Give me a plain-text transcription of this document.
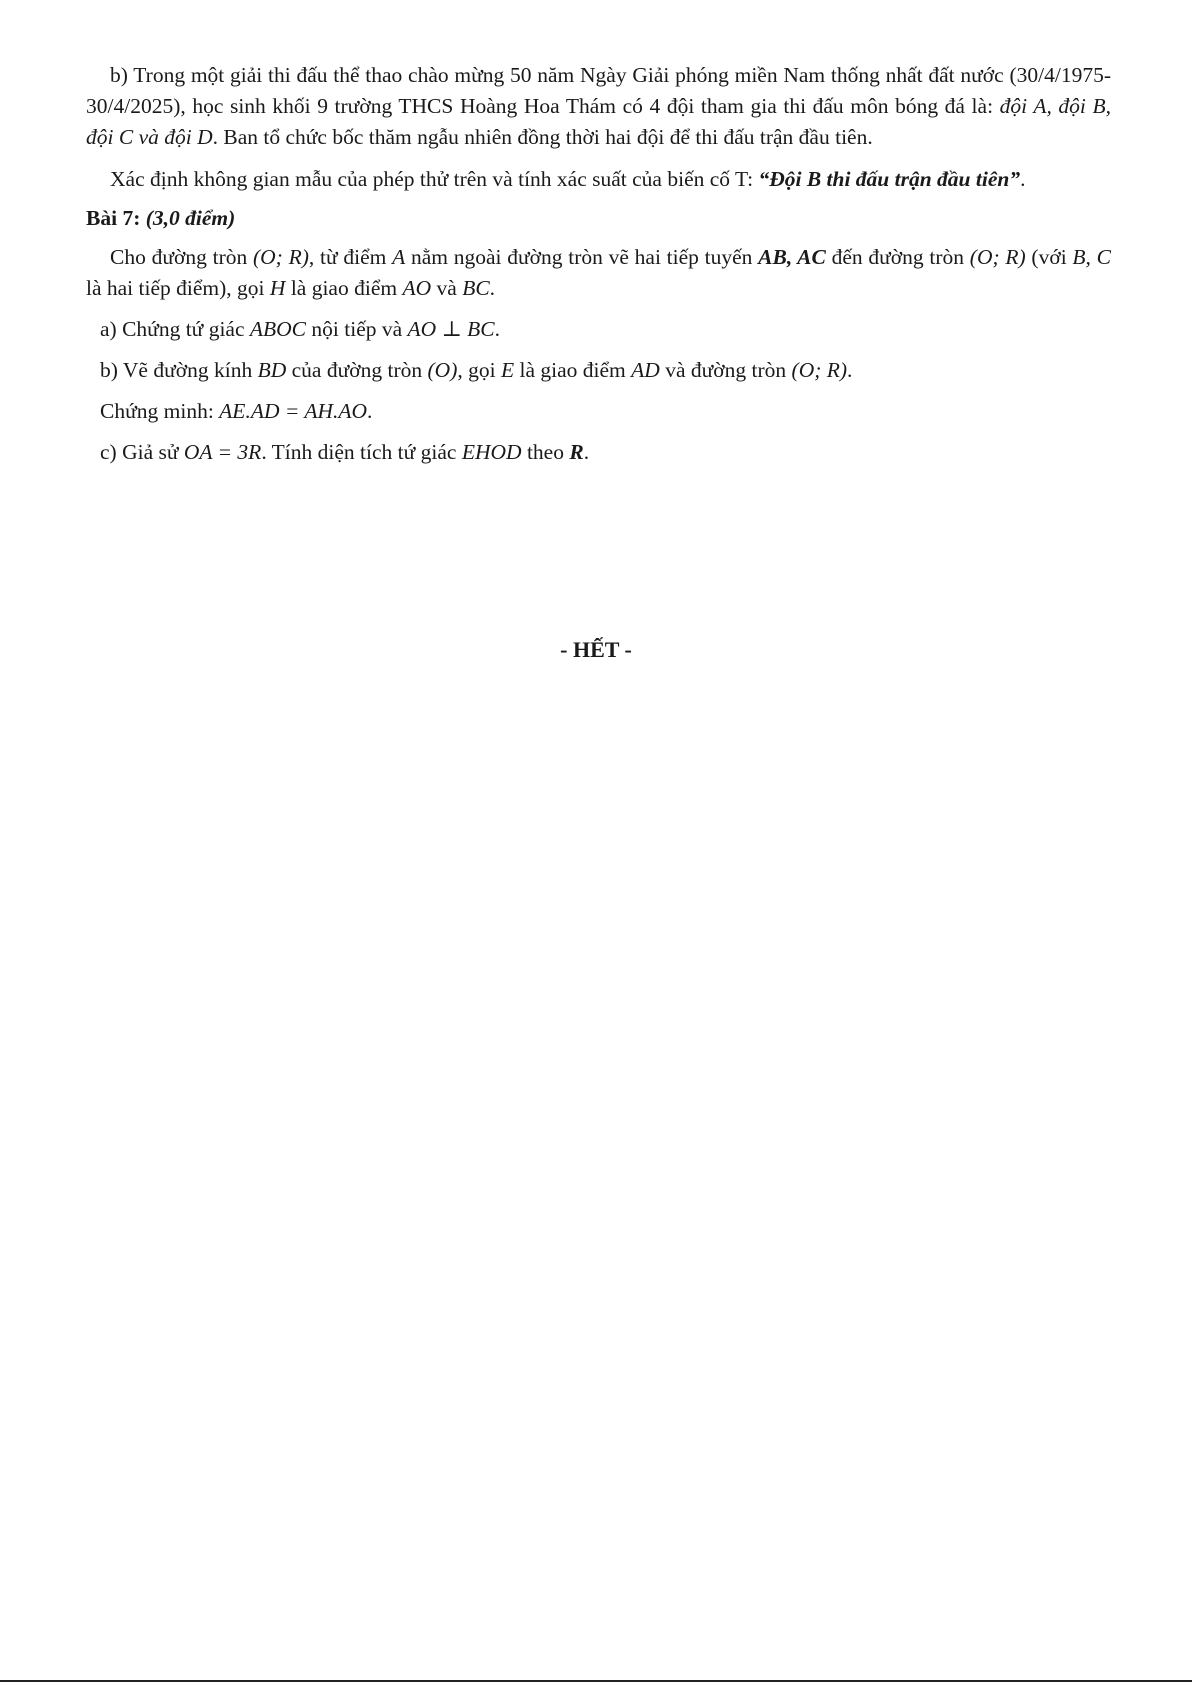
b) Trong một giải thi đấu thể thao chào mừng 50 năm Ngày Giải phóng miền Nam thống nhất đất nước (30/4/1975-30/4/2025), học sinh khối 9 trường THCS Hoàng Hoa Thám có 4 đội tham gia thi đấu môn bóng đá là: đội A, đội B, đội C và đội D. Ban tổ chức bốc thăm ngẫu nhiên đồng thời hai đội để thi đấu trận đầu tiên.

Xác định không gian mẫu của phép thử trên và tính xác suất của biến cố T: “Đội B thi đấu trận đầu tiên”.

Bài 7: (3,0 điểm)

Cho đường tròn (O; R), từ điểm A nằm ngoài đường tròn vẽ hai tiếp tuyến AB, AC đến đường tròn (O; R) (với B, C là hai tiếp điểm), gọi H là giao điểm AO và BC.

a) Chứng tứ giác ABOC nội tiếp và AO ⊥ BC.
b) Vẽ đường kính BD của đường tròn (O), gọi E là giao điểm AD và đường tròn (O; R).
Chứng minh: AE.AD = AH.AO.
c) Giả sử OA = 3R. Tính diện tích tứ giác EHOD theo R.
- HẾT -
